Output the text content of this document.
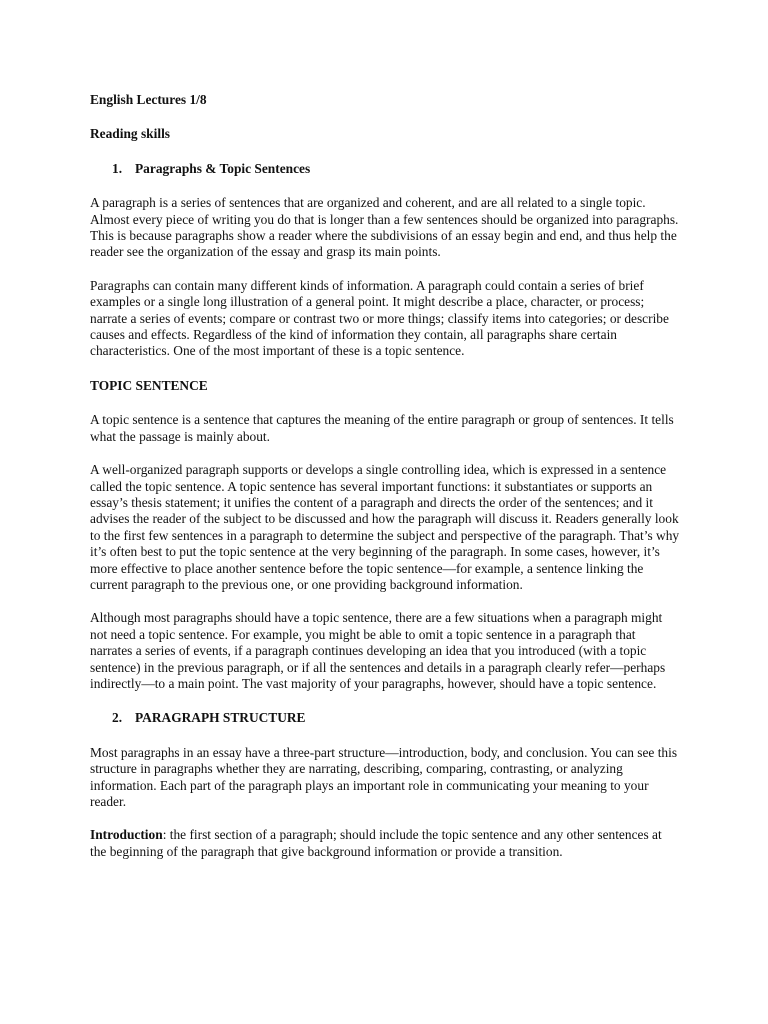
English Lectures 1/8

Reading skills

1. Paragraphs & Topic Sentences

A paragraph is a series of sentences that are organized and coherent, and are all related to a single topic. Almost every piece of writing you do that is longer than a few sentences should be organized into paragraphs. This is because paragraphs show a reader where the subdivisions of an essay begin and end, and thus help the reader see the organization of the essay and grasp its main points.

Paragraphs can contain many different kinds of information. A paragraph could contain a series of brief examples or a single long illustration of a general point. It might describe a place, character, or process; narrate a series of events; compare or contrast two or more things; classify items into categories; or describe causes and effects. Regardless of the kind of information they contain, all paragraphs share certain characteristics. One of the most important of these is a topic sentence.

TOPIC SENTENCE

A topic sentence is a sentence that captures the meaning of the entire paragraph or group of sentences. It tells what the passage is mainly about.

A well-organized paragraph supports or develops a single controlling idea, which is expressed in a sentence called the topic sentence. A topic sentence has several important functions: it substantiates or supports an essay’s thesis statement; it unifies the content of a paragraph and directs the order of the sentences; and it advises the reader of the subject to be discussed and how the paragraph will discuss it. Readers generally look to the first few sentences in a paragraph to determine the subject and perspective of the paragraph. That’s why it’s often best to put the topic sentence at the very beginning of the paragraph. In some cases, however, it’s more effective to place another sentence before the topic sentence—for example, a sentence linking the current paragraph to the previous one, or one providing background information.

Although most paragraphs should have a topic sentence, there are a few situations when a paragraph might not need a topic sentence. For example, you might be able to omit a topic sentence in a paragraph that narrates a series of events, if a paragraph continues developing an idea that you introduced (with a topic sentence) in the previous paragraph, or if all the sentences and details in a paragraph clearly refer—perhaps indirectly—to a main point. The vast majority of your paragraphs, however, should have a topic sentence.

2. PARAGRAPH STRUCTURE

Most paragraphs in an essay have a three-part structure—introduction, body, and conclusion. You can see this structure in paragraphs whether they are narrating, describing, comparing, contrasting, or analyzing information. Each part of the paragraph plays an important role in communicating your meaning to your reader.

Introduction: the first section of a paragraph; should include the topic sentence and any other sentences at the beginning of the paragraph that give background information or provide a transition.
